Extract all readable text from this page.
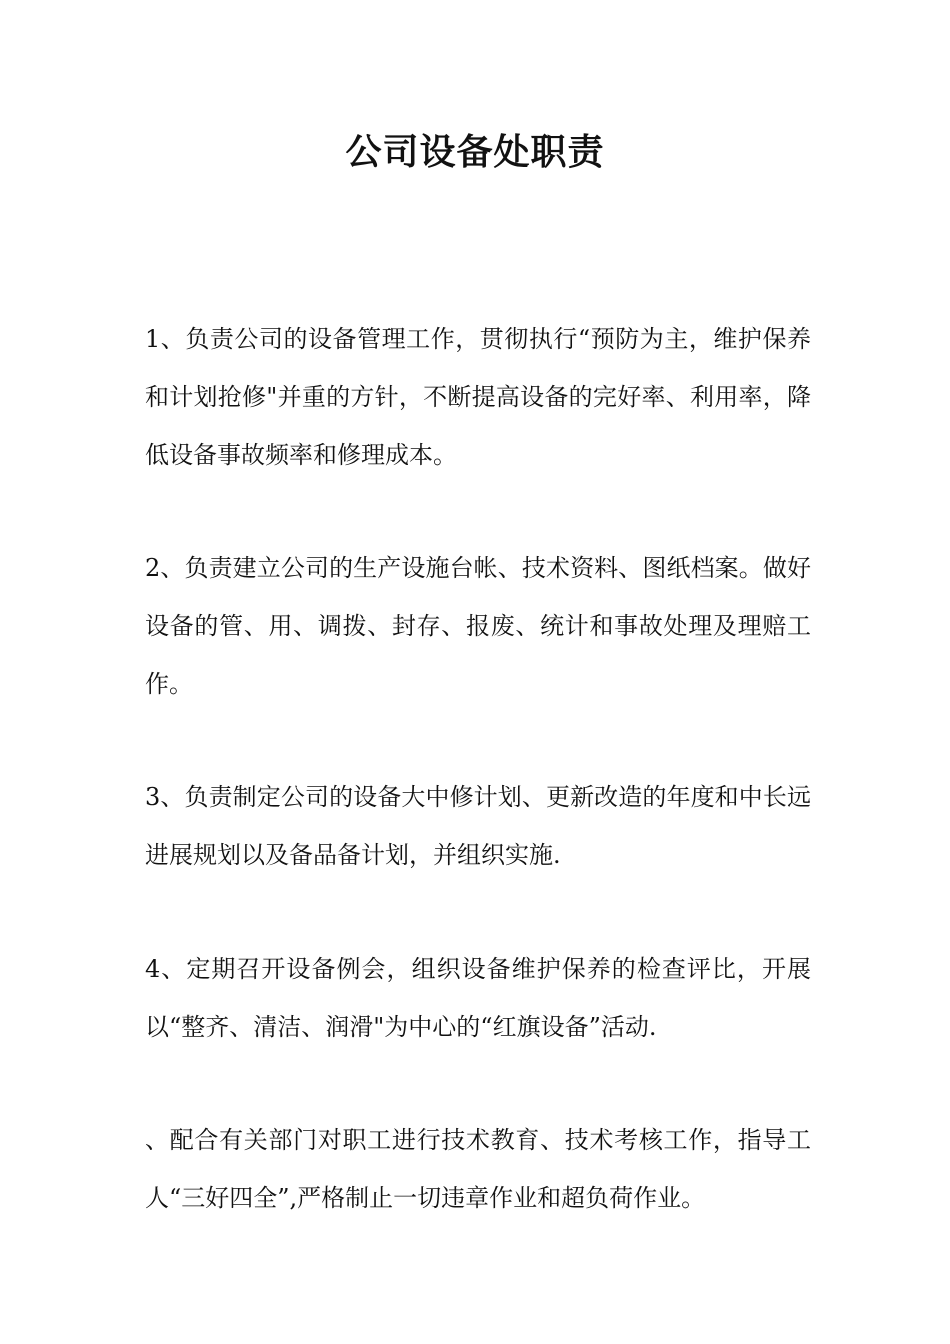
公司设备处职责

1、负责公司的设备管理工作，贯彻执行“预防为主，维护保养和计划抢修"并重的方针，不断提高设备的完好率、利用率，降低设备事故频率和修理成本。

2、负责建立公司的生产设施台帐、技术资料、图纸档案。做好设备的管、用、调拨、封存、报废、统计和事故处理及理赔工作。

3、负责制定公司的设备大中修计划、更新改造的年度和中长远进展规划以及备品备计划，并组织实施.

4、定期召开设备例会，组织设备维护保养的检查评比，开展以“整齐、清洁、润滑"为中心的“红旗设备”活动.

、配合有关部门对职工进行技术教育、技术考核工作，指导工人“三好四全”,严格制止一切违章作业和超负荷作业。
